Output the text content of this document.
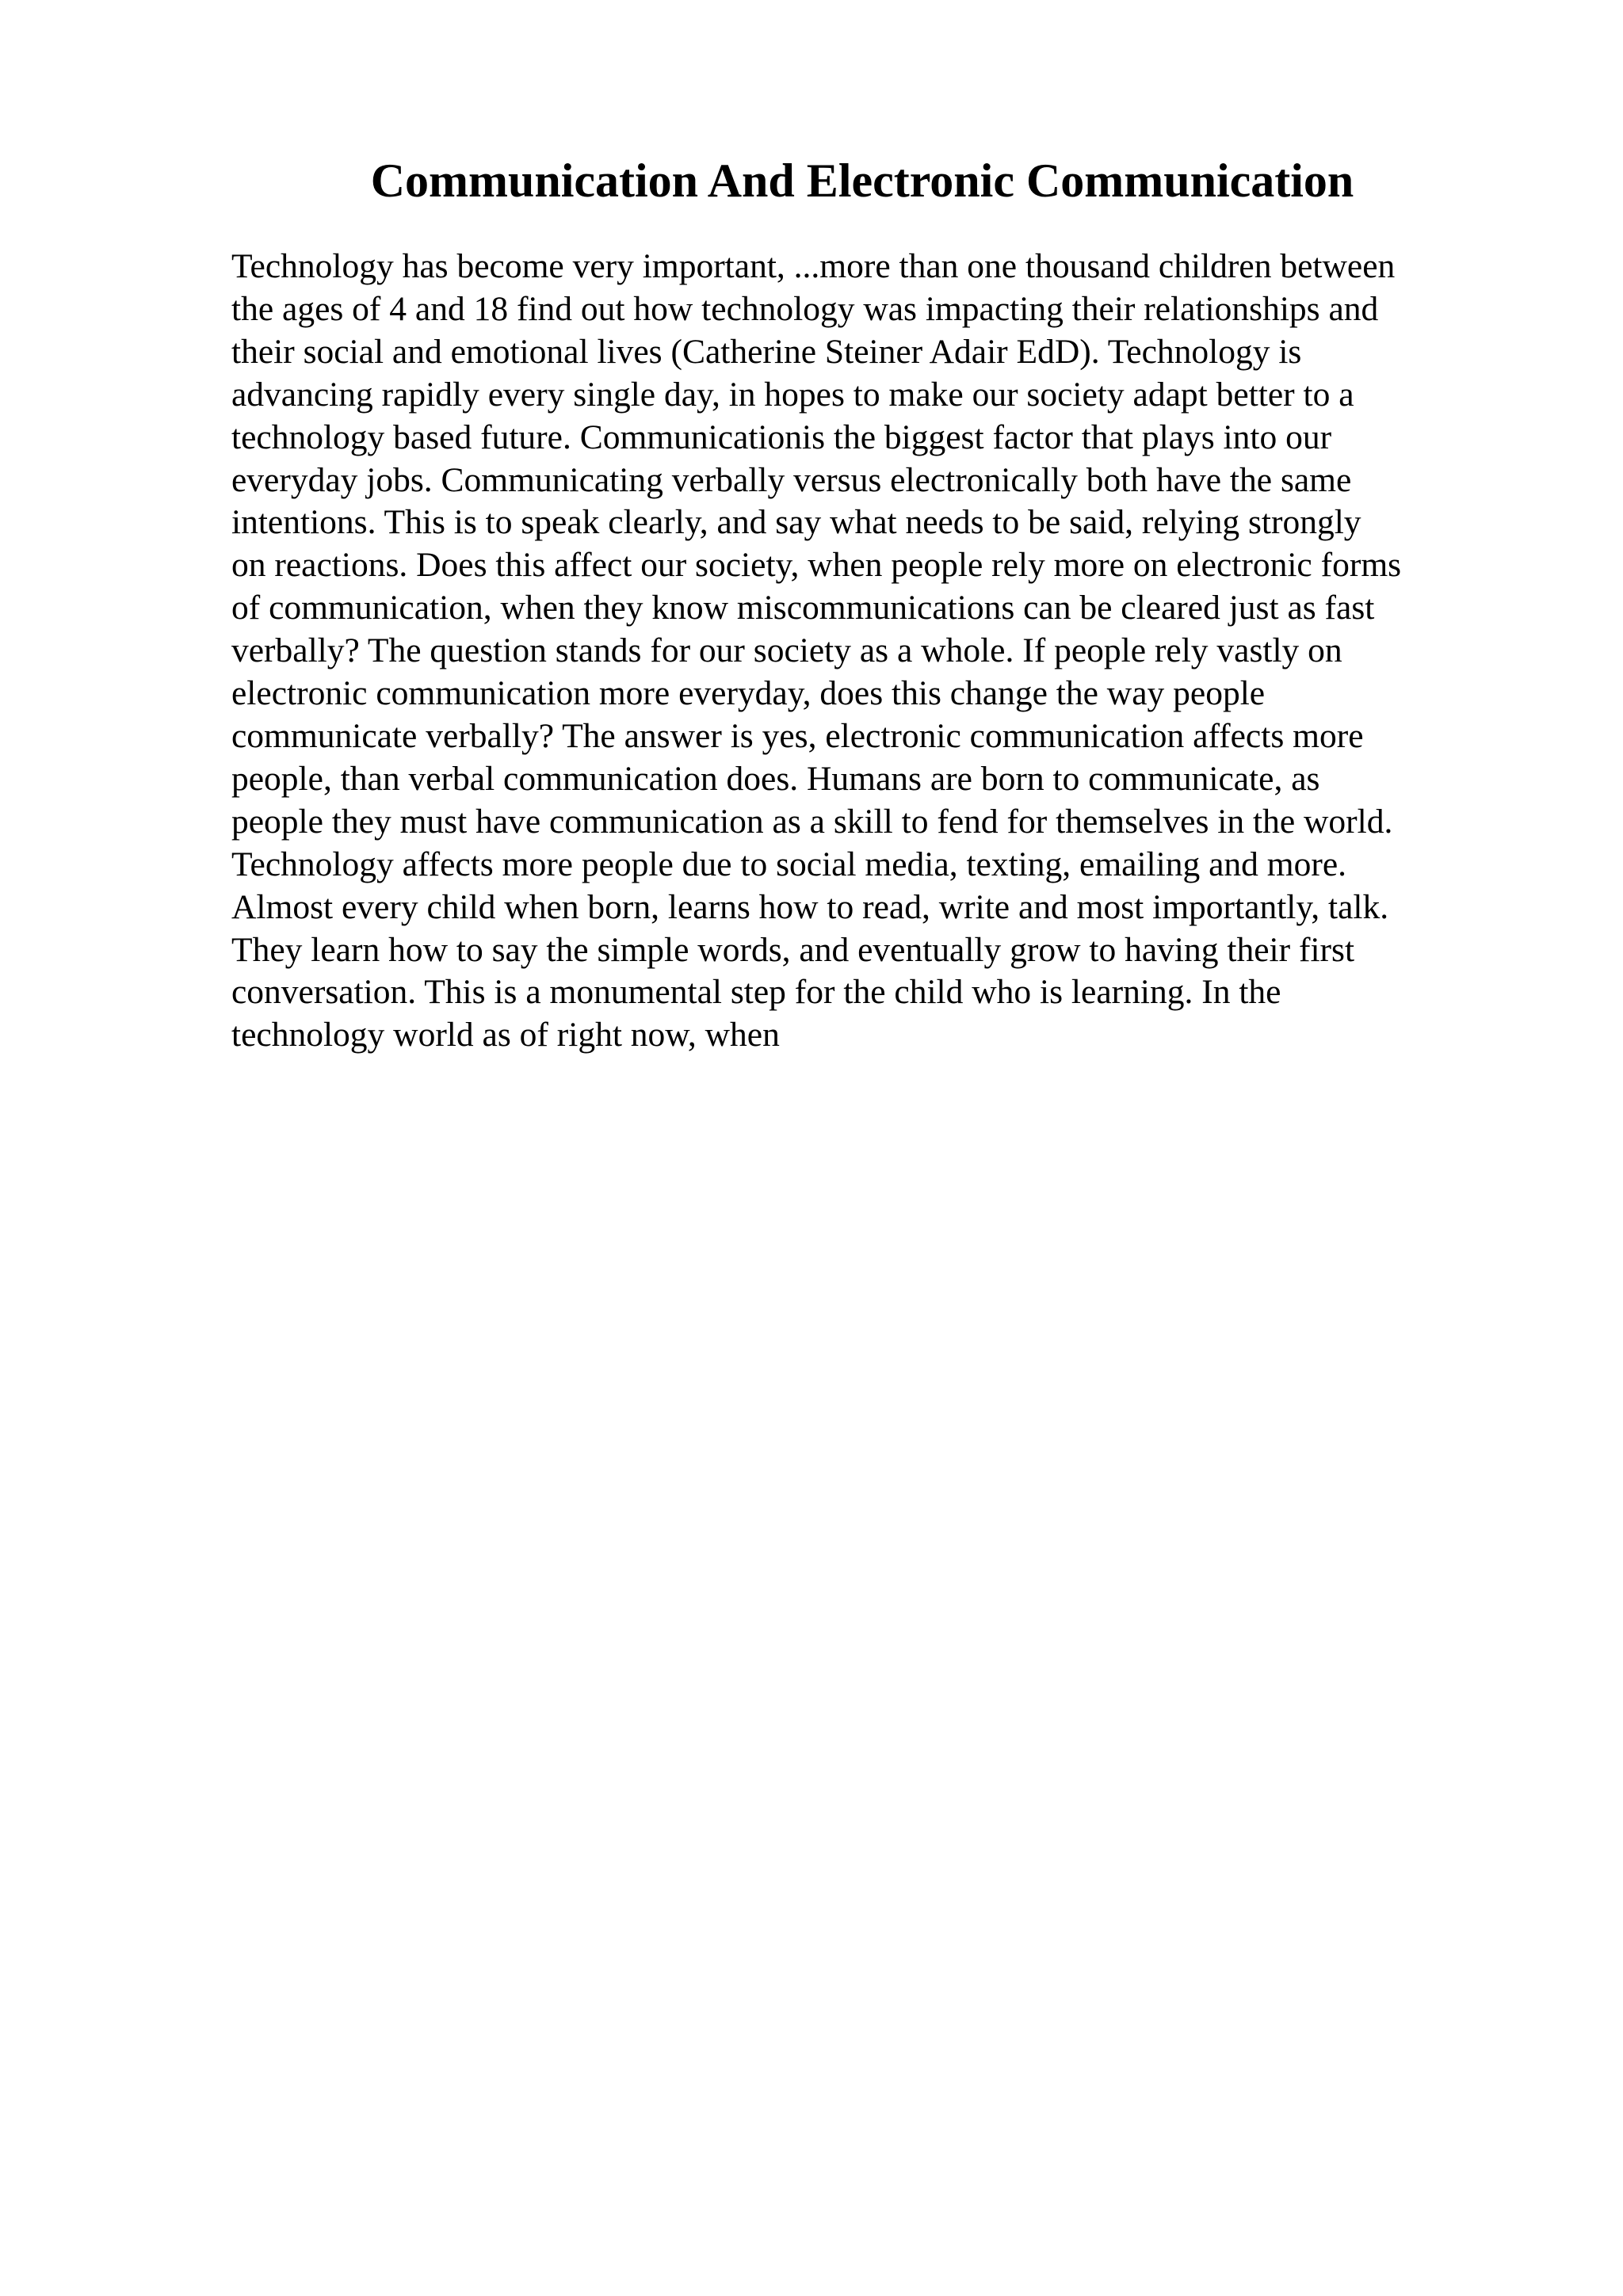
Communication And Electronic Communication
Technology has become very important, ...more than one thousand children between
the ages of 4 and 18 find out how technology was impacting their relationships and
their social and emotional lives (Catherine Steiner Adair EdD). Technology is
advancing rapidly every single day, in hopes to make our society adapt better to a
technology based future. Communicationis the biggest factor that plays into our
everyday jobs. Communicating verbally versus electronically both have the same
intentions. This is to speak clearly, and say what needs to be said, relying strongly
on reactions. Does this affect our society, when people rely more on electronic forms
of communication, when they know miscommunications can be cleared just as fast
verbally? The question stands for our society as a whole. If people rely vastly on
electronic communication more everyday, does this change the way people
communicate verbally? The answer is yes, electronic communication affects more
people, than verbal communication does. Humans are born to communicate, as
people they must have communication as a skill to fend for themselves in the world.
Technology affects more people due to social media, texting, emailing and more.
Almost every child when born, learns how to read, write and most importantly, talk.
They learn how to say the simple words, and eventually grow to having their first
conversation. This is a monumental step for the child who is learning. In the
technology world as of right now, when
